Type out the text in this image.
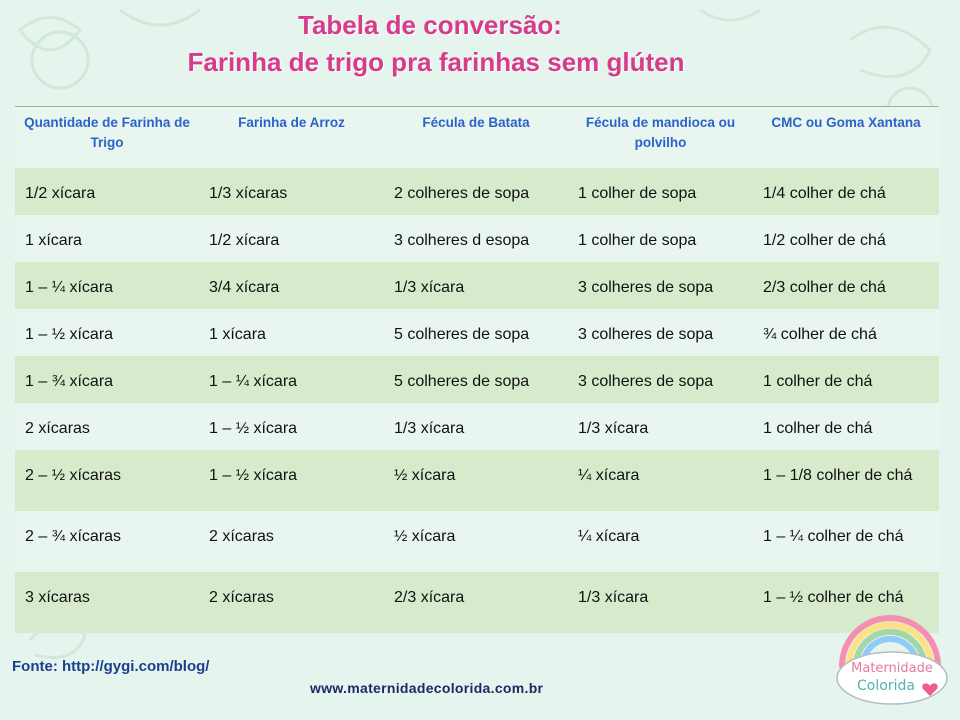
Tabela de conversão:
Farinha de trigo pra farinhas sem glúten
Quantidade de Farinha de Trigo	Farinha de Arroz	Fécula de Batata	Fécula de mandioca ou polvilho	CMC ou Goma Xantana
1/2 xícara	1/3 xícaras	2 colheres de sopa	1 colher de sopa	1/4 colher de chá
1 xícara	1/2 xícara	3 colheres d esopa	1 colher de sopa	1/2 colher de chá
1 – ¼ xícara	3/4 xícara	1/3 xícara	3 colheres de sopa	2/3 colher de chá
1 – ½ xícara	1 xícara	5 colheres de sopa	3 colheres de sopa	¾ colher de chá
1 – ¾ xícara	1 – ¼ xícara	5 colheres de sopa	3 colheres de sopa	1 colher de chá
2 xícaras	1 – ½ xícara	1/3 xícara	1/3 xícara	1 colher de chá
2 – ½ xícaras	1 – ½ xícara	½ xícara	¼ xícara	1 – 1/8 colher de chá
2 – ¾ xícaras	2 xícaras	½ xícara	¼ xícara	1 – ¼ colher de chá
3 xícaras	2 xícaras	2/3 xícara	1/3 xícara	1 – ½ colher de chá
Fonte: http://gygi.com/blog/
www.maternidadecolorida.com.br
Maternidade
Colorida
